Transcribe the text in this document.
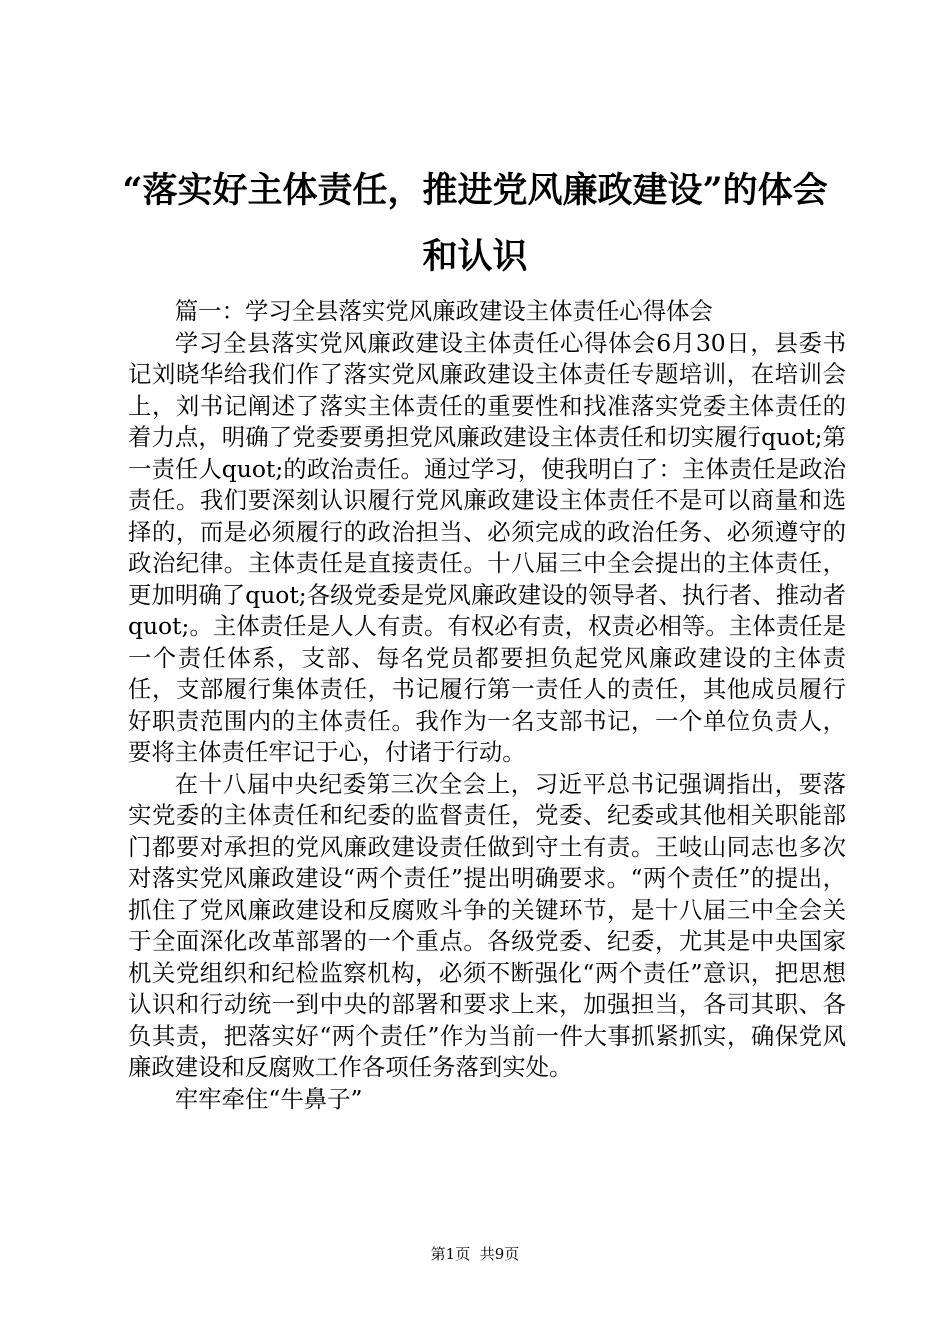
“落实好主体责任，推进党风廉政建设”的体会和认识

篇一：学习全县落实党风廉政建设主体责任心得体会

学习全县落实党风廉政建设主体责任心得体会6月30日，县委书记刘晓华给我们作了落实党风廉政建设主体责任专题培训，在培训会上，刘书记阐述了落实主体责任的重要性和找准落实党委主体责任的着力点，明确了党委要勇担党风廉政建设主体责任和切实履行quot;第一责任人quot;的政治责任。通过学习，使我明白了：主体责任是政治责任。我们要深刻认识履行党风廉政建设主体责任不是可以商量和选择的，而是必须履行的政治担当、必须完成的政治任务、必须遵守的政治纪律。主体责任是直接责任。十八届三中全会提出的主体责任，更加明确了quot;各级党委是党风廉政建设的领导者、执行者、推动者quot;。主体责任是人人有责。有权必有责，权责必相等。主体责任是一个责任体系，支部、每名党员都要担负起党风廉政建设的主体责任，支部履行集体责任，书记履行第一责任人的责任，其他成员履行好职责范围内的主体责任。我作为一名支部书记，一个单位负责人，要将主体责任牢记于心，付诸于行动。

在十八届中央纪委第三次全会上，习近平总书记强调指出，要落实党委的主体责任和纪委的监督责任，党委、纪委或其他相关职能部门都要对承担的党风廉政建设责任做到守土有责。王岐山同志也多次对落实党风廉政建设“两个责任”提出明确要求。“两个责任”的提出，抓住了党风廉政建设和反腐败斗争的关键环节，是十八届三中全会关于全面深化改革部署的一个重点。各级党委、纪委，尤其是中央国家机关党组织和纪检监察机构，必须不断强化“两个责任”意识，把思想认识和行动统一到中央的部署和要求上来，加强担当，各司其职、各负其责，把落实好“两个责任”作为当前一件大事抓紧抓实，确保党风廉政建设和反腐败工作各项任务落到实处。

牢牢牵住“牛鼻子”

第1页 共9页
